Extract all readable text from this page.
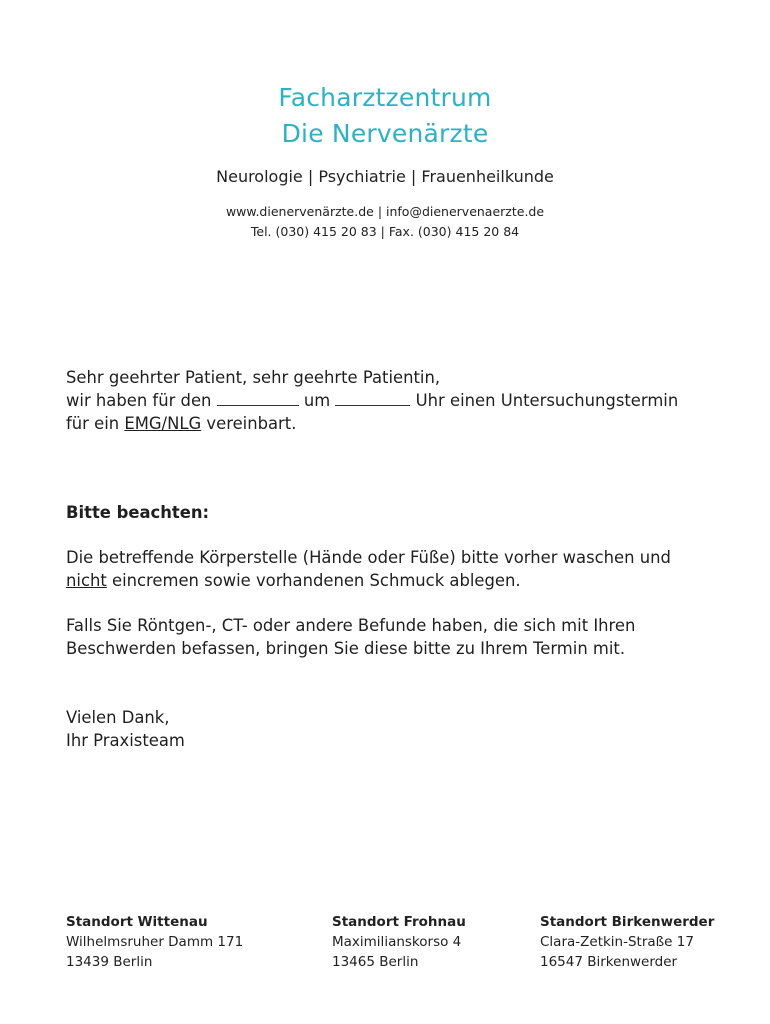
Facharztzentrum
Die Nervenärzte
Neurologie | Psychiatrie | Frauenheilkunde
www.dienervenärzte.de | info@dienervenaerzte.de
Tel. (030) 415 20 83 | Fax. (030) 415 20 84

Sehr geehrter Patient, sehr geehrte Patientin,

wir haben für den	um	Uhr einen Untersuchungstermin
für ein EMG/NLG vereinbart.

Bitte beachten:

Die betreffende Körperstelle (Hände oder Füße) bitte vorher waschen und
nicht eincremen sowie vorhandenen Schmuck ablegen.

Falls Sie Röntgen-, CT- oder andere Befunde haben, die sich mit Ihren Beschwerden befassen, bringen Sie diese bitte zu Ihrem Termin mit.

Vielen Dank,
Ihr Praxisteam

Standort Wittenau
Wilhelmsruher Damm 171
13439 Berlin
Standort Frohnau
Maximilianskorso 4
13465 Berlin
Standort Birkenwerder
Clara-Zetkin-Straße 17
16547 Birkenwerder
